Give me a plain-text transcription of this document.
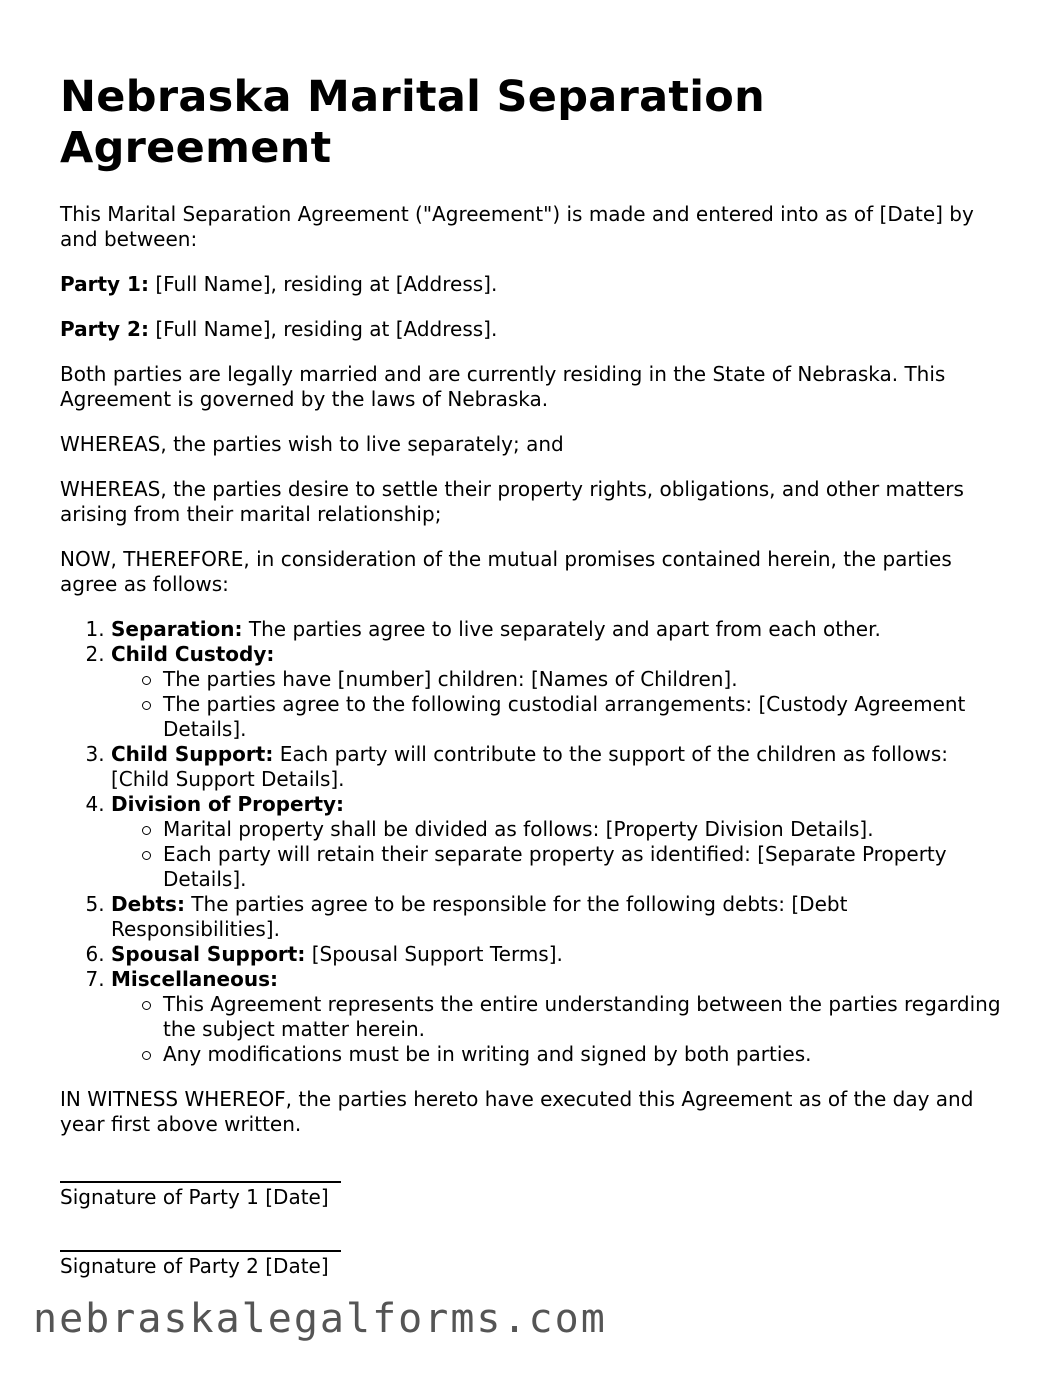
Nebraska Marital Separation Agreement

This Marital Separation Agreement ("Agreement") is made and entered into as of [Date] by and between:

Party 1: [Full Name], residing at [Address].

Party 2: [Full Name], residing at [Address].

Both parties are legally married and are currently residing in the State of Nebraska. This Agreement is governed by the laws of Nebraska.

WHEREAS, the parties wish to live separately; and

WHEREAS, the parties desire to settle their property rights, obligations, and other matters arising from their marital relationship;

NOW, THEREFORE, in consideration of the mutual promises contained herein, the parties agree as follows:

1. Separation: The parties agree to live separately and apart from each other.
2. Child Custody:
The parties have [number] children: [Names of Children].
The parties agree to the following custodial arrangements: [Custody Agreement Details].
3. Child Support: Each party will contribute to the support of the children as follows: [Child Support Details].
4. Division of Property:
Marital property shall be divided as follows: [Property Division Details].
Each party will retain their separate property as identified: [Separate Property Details].
5. Debts: The parties agree to be responsible for the following debts: [Debt Responsibilities].
6. Spousal Support: [Spousal Support Terms].
7. Miscellaneous:
This Agreement represents the entire understanding between the parties regarding the subject matter herein.
Any modifications must be in writing and signed by both parties.

IN WITNESS WHEREOF, the parties hereto have executed this Agreement as of the day and year first above written.

Signature of Party 1 [Date]
Signature of Party 2 [Date]
nebraskalegalforms.com
